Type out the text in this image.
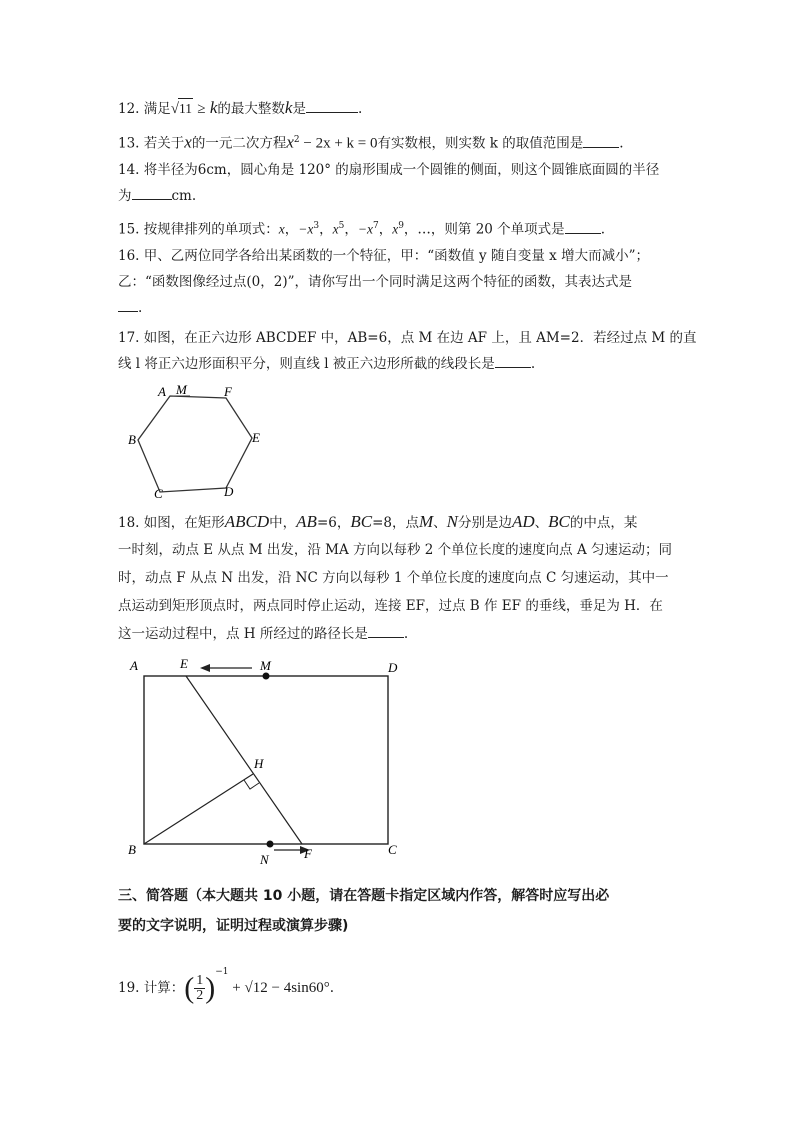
12. 满足√11 ≥ k的最大整数k是	.
13. 若关于x的一元二次方程$x^2 - 2x + k = 0$有实数根，则实数 k 的取值范围是	.
14. 将半径为6cm，圆心角是 120° 的扇形围成一个圆锥的侧面，则这个圆锥底面圆的半径
为	cm.
15. 按规律排列的单项式：x，$-x^3$，$x^5$，$-x^7$，$x^9$，…，则第 20 个单项式是	.
16. 甲、乙两位同学各给出某函数的一个特征，甲：“函数值 y 随自变量 x 增大而减小”；
乙：“函数图像经过点(0，2)”，请你写出一个同时满足这两个特征的函数，其表达式是
.
17. 如图，在正六边形 ABCDEF 中，AB=6，点 M 在边 AF 上，且 AM=2．若经过点 M 的直
线 l 将正六边形面积平分，则直线 l 被正六边形所截的线段长是	.
A M	F
E
B
C	D
18. 如图，在矩形ABCD中，AB=6，BC=8，点M、N分别是边AD、BC的中点，某
一时刻，动点 E 从点 M 出发，沿 MA 方向以每秒 2 个单位长度的速度向点 A 匀速运动；同
时，动点 F 从点 N 出发，沿 NC 方向以每秒 1 个单位长度的速度向点 C 匀速运动，其中一
点运动到矩形顶点时，两点同时停止运动，连接 EF，过点 B 作 EF 的垂线，垂足为 H．在
这一运动过程中，点 H 所经过的路径长是	.
A	E	M	D
H
B
N	F	C
三、简答题（本大题共 10 小题，请在答题卡指定区域内作答，解答时应写出必
要的文字说明，证明过程或演算步骤)
19. 计算：( $\frac{1}{2} )^{-1} + √12 - 4\sin 60^\circ$.
